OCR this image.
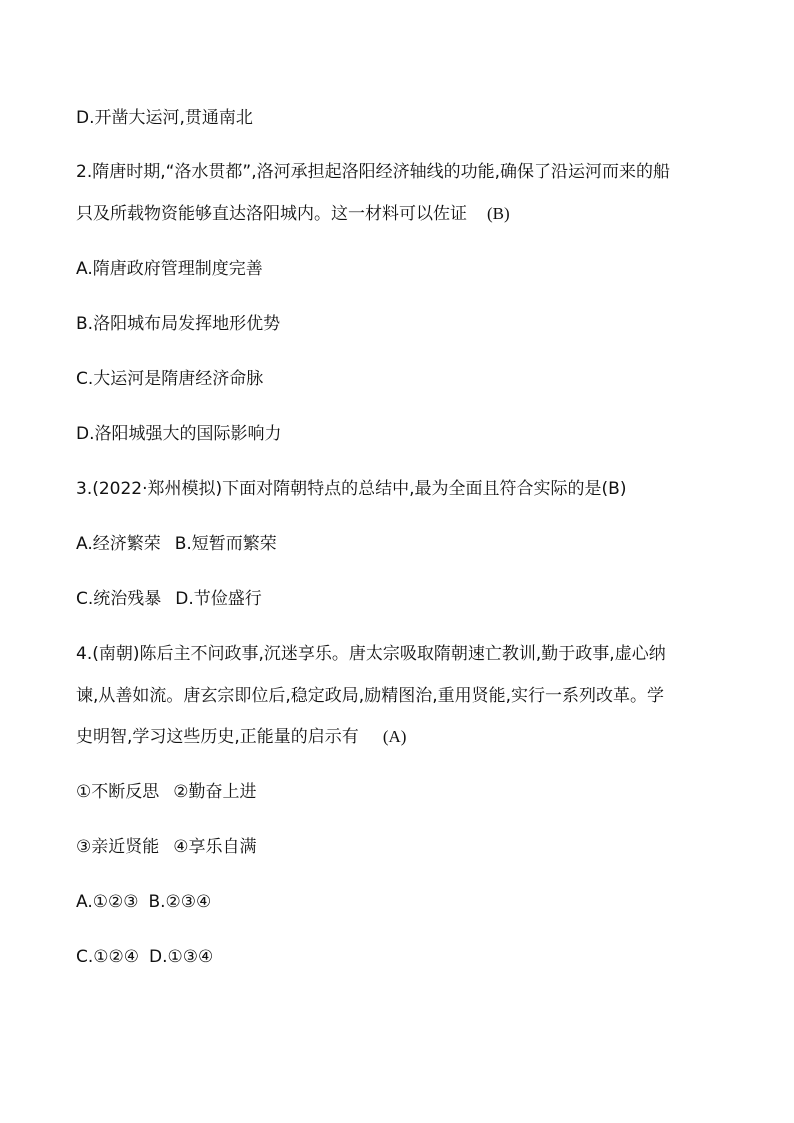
D.开凿大运河,贯通南北
2.隋唐时期,“洛水贯都”,洛河承担起洛阳经济轴线的功能,确保了沿运河而来的船
只及所载物资能够直达洛阳城内。这一材料可以佐证 (B)
A.隋唐政府管理制度完善
B.洛阳城布局发挥地形优势
C.大运河是隋唐经济命脉
D.洛阳城强大的国际影响力
3.(2022·郑州模拟)下面对隋朝特点的总结中,最为全面且符合实际的是(B)
A.经济繁荣 B.短暂而繁荣
C.统治残暴 D.节俭盛行
4.(南朝)陈后主不问政事,沉迷享乐。唐太宗吸取隋朝速亡教训,勤于政事,虚心纳
谏,从善如流。唐玄宗即位后,稳定政局,励精图治,重用贤能,实行一系列改革。学
史明智,学习这些历史,正能量的启示有 (A)
①不断反思 ②勤奋上进
③亲近贤能 ④享乐自满
A.①②③ B.②③④
C.①②④ D.①③④
